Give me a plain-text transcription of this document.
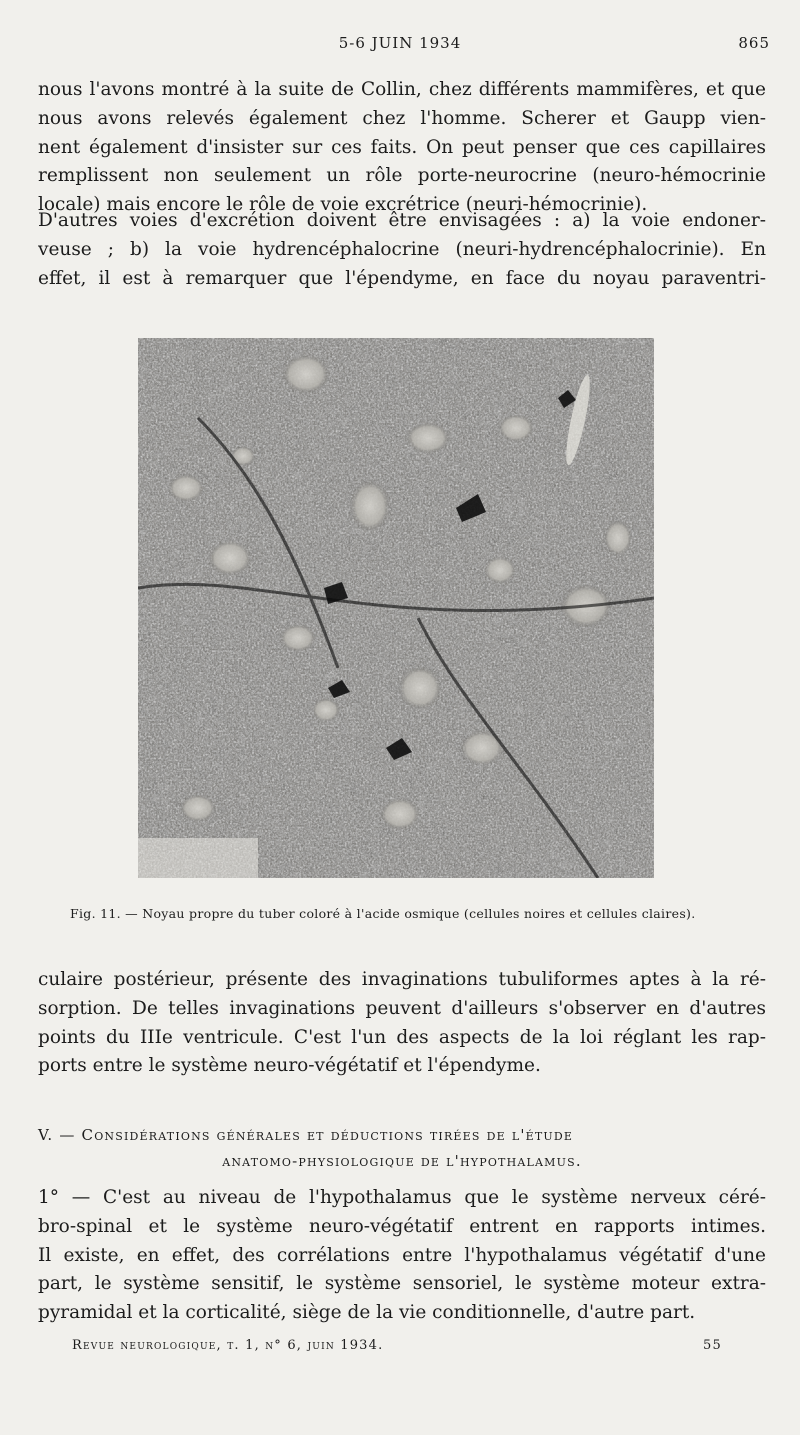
5-6 JUIN 1934	865
nous l'avons montré à la suite de Collin, chez différents mammifères, et que
nous avons relevés également chez l'homme. Scherer et Gaupp vien-
nent également d'insister sur ces faits. On peut penser que ces capillaires
remplissent non seulement un rôle porte-neurocrine (neuro-hémocrinie
locale) mais encore le rôle de voie excrétrice (neuri-hémocrinie).
D'autres voies d'excrétion doivent être envisagées : a) la voie endoner-
veuse ; b) la voie hydrencéphalocrine (neuri-hydrencéphalocrinie). En
effet, il est à remarquer que l'épendyme, en face du noyau paraventri-
Fig. 11. — Noyau propre du tuber coloré à l'acide osmique (cellules noires et cellules claires).
culaire postérieur, présente des invaginations tubuliformes aptes à la ré-
sorption. De telles invaginations peuvent d'ailleurs s'observer en d'autres
points du IIIe ventricule. C'est l'un des aspects de la loi réglant les rap-
ports entre le système neuro-végétatif et l'épendyme.
V. — Considérations générales et déductions tirées de l'étude
anatomo-physiologique de l'hypothalamus.
1° — C'est au niveau de l'hypothalamus que le système nerveux céré-
bro-spinal et le système neuro-végétatif entrent en rapports intimes.
Il existe, en effet, des corrélations entre l'hypothalamus végétatif d'une
part, le système sensitif, le système sensoriel, le système moteur extra-
pyramidal et la corticalité, siège de la vie conditionnelle, d'autre part.
Revue neurologique, t. 1, n° 6, juin 1934.	55
